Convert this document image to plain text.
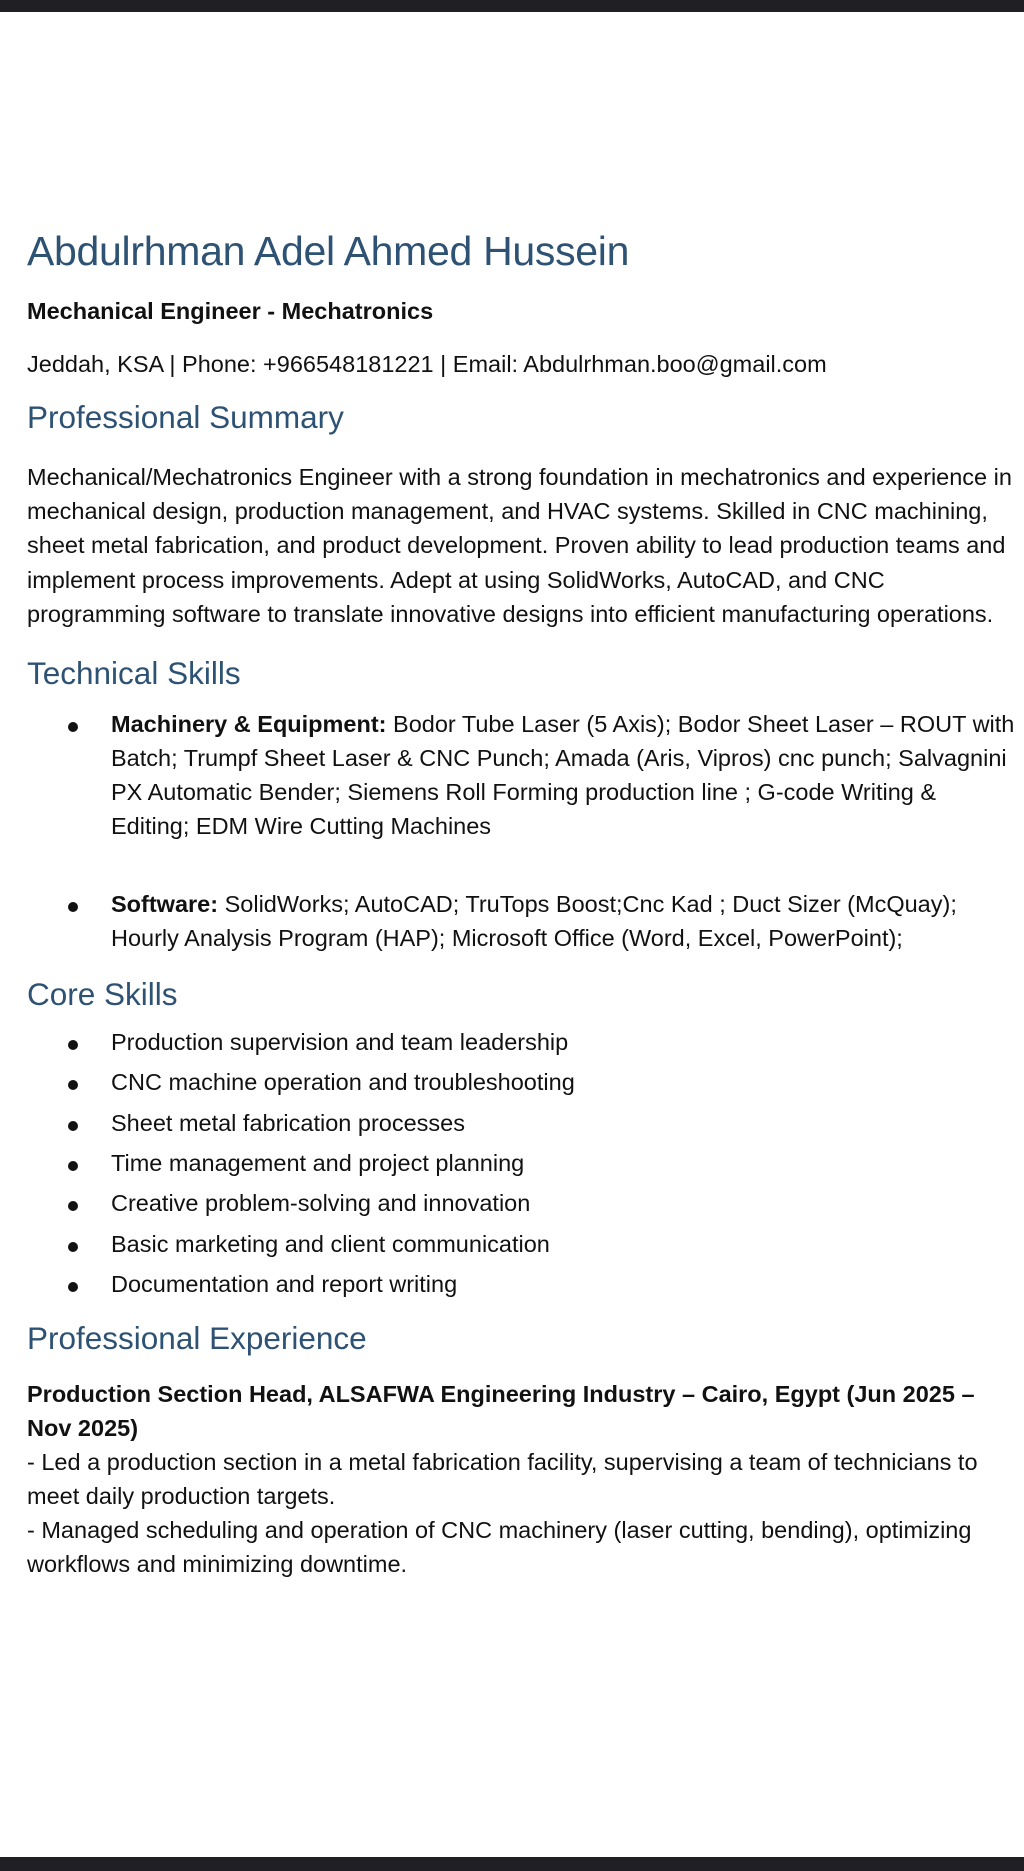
Abdulrhman Adel Ahmed Hussein

Mechanical Engineer - Mechatronics

Jeddah, KSA | Phone: +966548181221 | Email: Abdulrhman.boo@gmail.com

Professional Summary

Mechanical/Mechatronics Engineer with a strong foundation in mechatronics and experience in mechanical design, production management, and HVAC systems. Skilled in CNC machining, sheet metal fabrication, and product development. Proven ability to lead production teams and implement process improvements. Adept at using SolidWorks, AutoCAD, and CNC programming software to translate innovative designs into efficient manufacturing operations.

Technical Skills
Machinery & Equipment: Bodor Tube Laser (5 Axis); Bodor Sheet Laser – ROUT with Batch; Trumpf Sheet Laser & CNC Punch; Amada (Aris, Vipros) cnc punch; Salvagnini PX Automatic Bender; Siemens Roll Forming production line ; G-code Writing & Editing; EDM Wire Cutting Machines
Software: SolidWorks; AutoCAD; TruTops Boost;Cnc Kad ; Duct Sizer (McQuay); Hourly Analysis Program (HAP); Microsoft Office (Word, Excel, PowerPoint);
Core Skills
Production supervision and team leadership
CNC machine operation and troubleshooting
Sheet metal fabrication processes
Time management and project planning
Creative problem-solving and innovation
Basic marketing and client communication
Documentation and report writing
Professional Experience

Production Section Head, ALSAFWA Engineering Industry – Cairo, Egypt (Jun 2025 – Nov 2025)

- Led a production section in a metal fabrication facility, supervising a team of technicians to meet daily production targets.

- Managed scheduling and operation of CNC machinery (laser cutting, bending), optimizing workflows and minimizing downtime.
